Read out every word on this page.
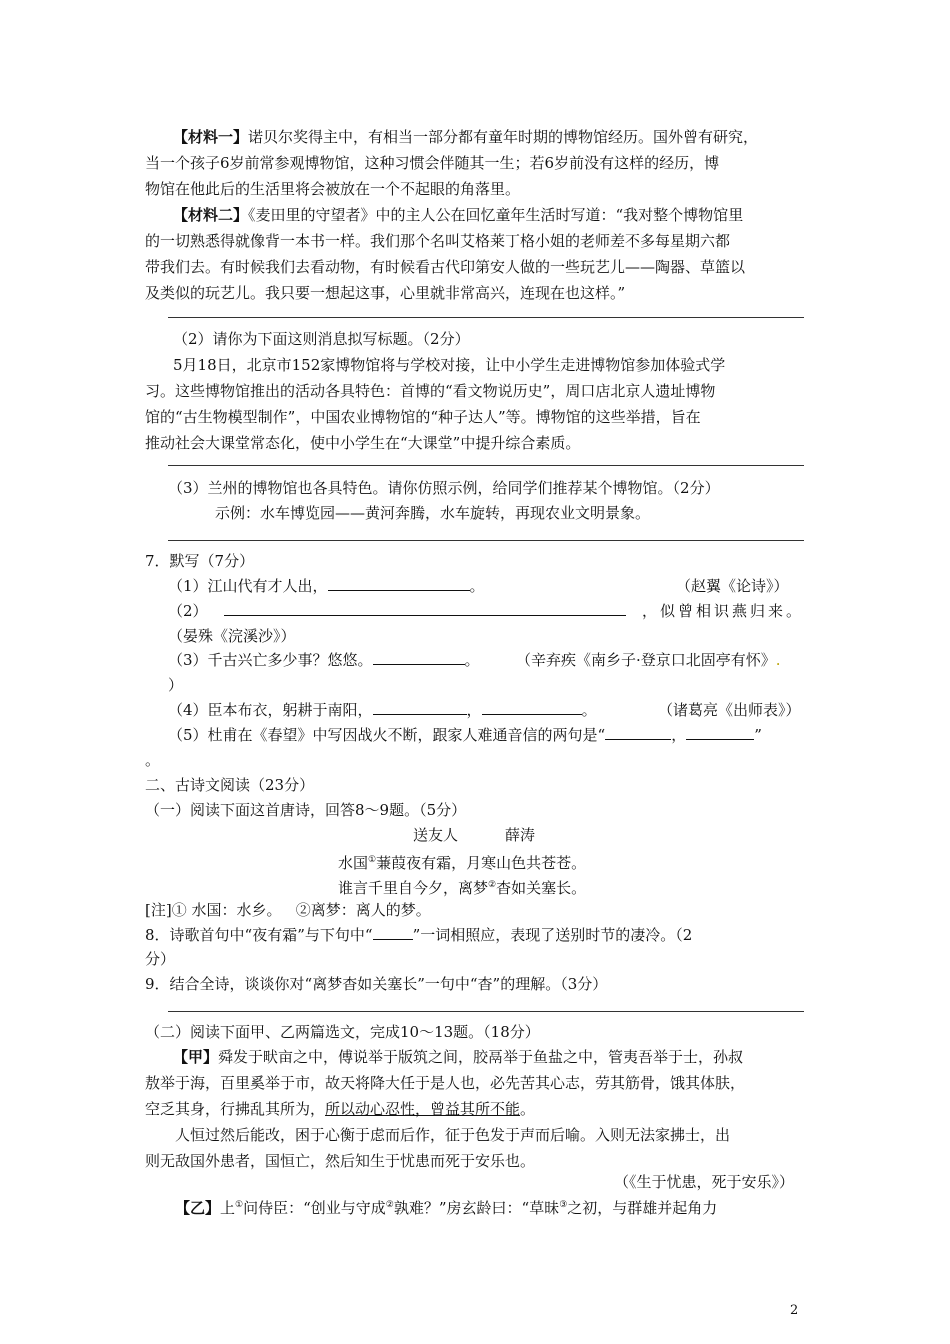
【材料一】诺贝尔奖得主中，有相当一部分都有童年时期的博物馆经历。国外曾有研究，
当一个孩子6岁前常参观博物馆，这种习惯会伴随其一生；若6岁前没有这样的经历，博
物馆在他此后的生活里将会被放在一个不起眼的角落里。
【材料二】《麦田里的守望者》中的主人公在回忆童年生活时写道：“我对整个博物馆里
的一切熟悉得就像背一本书一样。我们那个名叫艾格莱丁格小姐的老师差不多每星期六都
带我们去。有时候我们去看动物，有时候看古代印第安人做的一些玩艺儿——陶器、草篮以
及类似的玩艺儿。我只要一想起这事，心里就非常高兴，连现在也这样。”
（2）请你为下面这则消息拟写标题。（2分）
5月18日，北京市152家博物馆将与学校对接，让中小学生走进博物馆参加体验式学
习。这些博物馆推出的活动各具特色：首博的“看文物说历史”，周口店北京人遗址博物
馆的“古生物模型制作”，中国农业博物馆的“种子达人”等。博物馆的这些举措，旨在
推动社会大课堂常态化，使中小学生在“大课堂”中提升综合素质。
（3）兰州的博物馆也各具特色。请你仿照示例，给同学们推荐某个博物馆。（2分）
示例：水车博览园——黄河奔腾，水车旋转，再现农业文明景象。
7．默写（7分）
（1）江山代有才人出，	。	（赵翼《论诗》）
（2）	，似曾相识燕归来。
（晏殊《浣溪沙》）
（3）千古兴亡多少事？悠悠。	。 （辛弃疾《南乡子·登京口北固亭有怀》.
）
（4）臣本布衣，躬耕于南阳，	，	。	（诸葛亮《出师表》）
（5）杜甫在《春望》中写因战火不断，跟家人难通音信的两句是“	，	”
。
二、古诗文阅读（23分）
（一）阅读下面这首唐诗，回答8～9题。（5分）
送友人	薛涛
水国①蒹葭夜有霜，月寒山色共苍苍。
谁言千里自今夕，离梦②杳如关塞长。
[注]① 水国：水乡。   ②离梦：离人的梦。
8．诗歌首句中“夜有霜”与下句中“	”一词相照应，表现了送别时节的凄冷。（2
分）
9．结合全诗，谈谈你对“离梦杳如关塞长”一句中“杳”的理解。（3分）
（二）阅读下面甲、乙两篇选文，完成10～13题。（18分）
【甲】舜发于畎亩之中，傅说举于版筑之间，胶鬲举于鱼盐之中，管夷吾举于士，孙叔
敖举于海，百里奚举于市，故天将降大任于是人也，必先苦其心志，劳其筋骨，饿其体肤，
空乏其身，行拂乱其所为，所以动心忍性，曾益其所不能。
人恒过然后能改，困于心衡于虑而后作，征于色发于声而后喻。入则无法家拂士，出
则无敌国外患者，国恒亡，然后知生于忧患而死于安乐也。
（《生于忧患，死于安乐》）
【乙】上①问侍臣：“创业与守成②孰难？”房玄龄曰：“草昧③之初，与群雄并起角力
2
